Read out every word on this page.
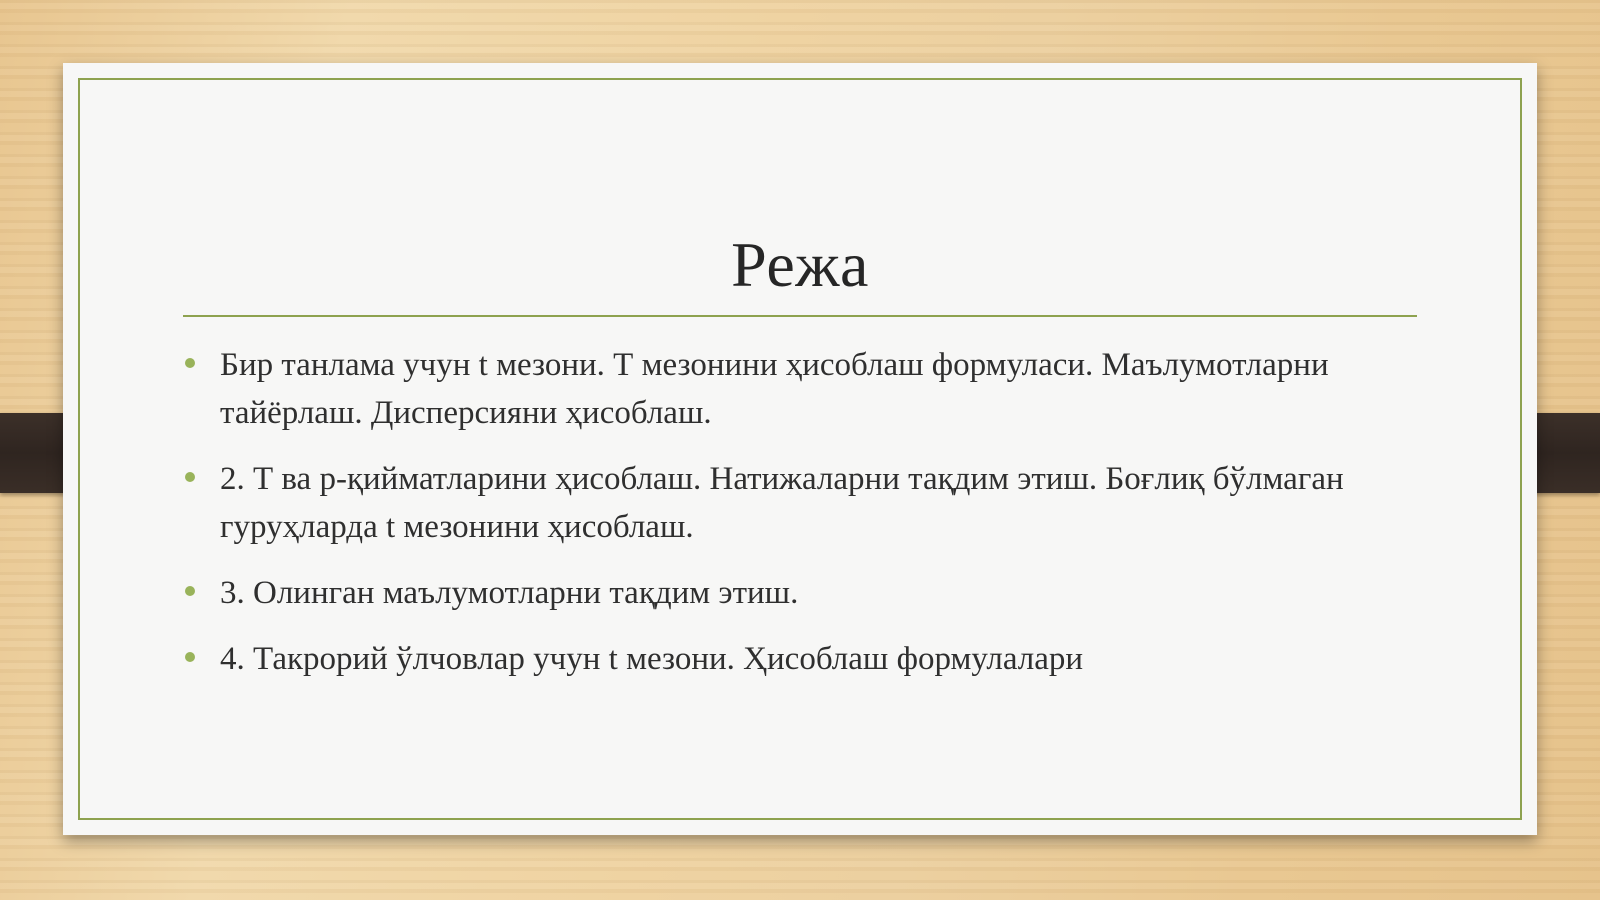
Режа
Бир танлама учун t мезони. Т мезонини ҳисоблаш формуласи. Маълумотларни тайёрлаш. Дисперсияни ҳисоблаш.
2. Т ва р-қийматларини ҳисоблаш. Натижаларни тақдим этиш. Боғлиқ бўлмаган гуруҳларда t мезонини ҳисоблаш.
3. Олинган маълумотларни тақдим этиш.
4. Такрорий ўлчовлар учун t мезони. Ҳисоблаш формулалари
